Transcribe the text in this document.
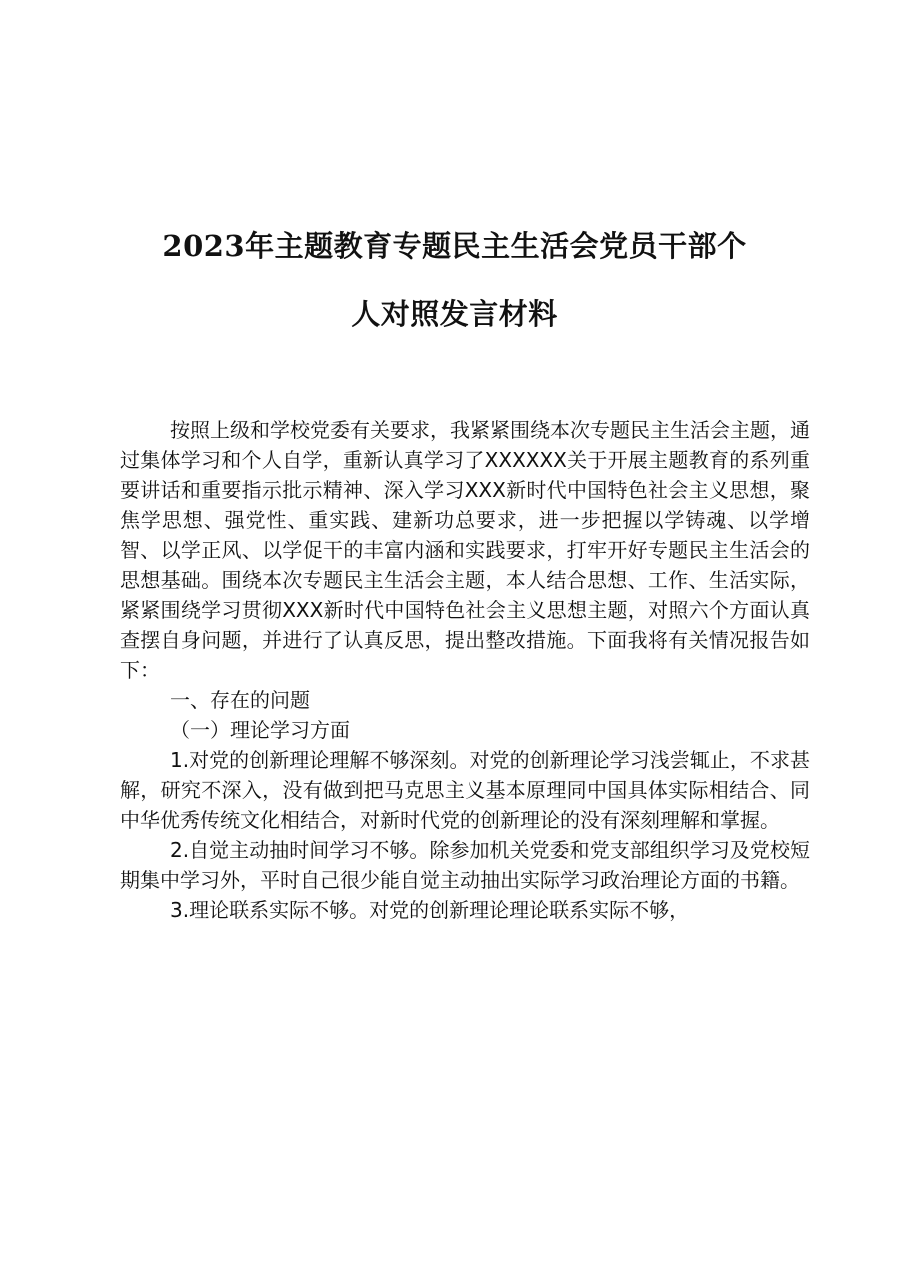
2023年主题教育专题民主生活会党员干部个
人对照发言材料

按照上级和学校党委有关要求，我紧紧围绕本次专题民主生活会主题，通过集体学习和个人自学，重新认真学习了XXXXXX关于开展主题教育的系列重要讲话和重要指示批示精神、深入学习XXX新时代中国特色社会主义思想，聚焦学思想、强党性、重实践、建新功总要求，进一步把握以学铸魂、以学增智、以学正风、以学促干的丰富内涵和实践要求，打牢开好专题民主生活会的思想基础。围绕本次专题民主生活会主题，本人结合思想、工作、生活实际，紧紧围绕学习贯彻XXX新时代中国特色社会主义思想主题，对照六个方面认真查摆自身问题，并进行了认真反思，提出整改措施。下面我将有关情况报告如下：

一、存在的问题

（一）理论学习方面

1.对党的创新理论理解不够深刻。对党的创新理论学习浅尝辄止，不求甚解，研究不深入，没有做到把马克思主义基本原理同中国具体实际相结合、同中华优秀传统文化相结合，对新时代党的创新理论的没有深刻理解和掌握。

2.自觉主动抽时间学习不够。除参加机关党委和党支部组织学习及党校短期集中学习外，平时自己很少能自觉主动抽出实际学习政治理论方面的书籍。

3.理论联系实际不够。对党的创新理论理论联系实际不够，
